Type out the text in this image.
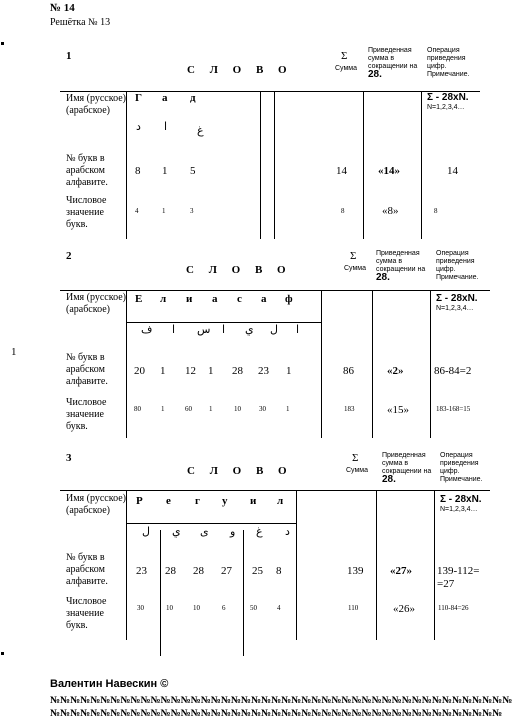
№ 14
Решётка № 13
1
1
С Л О В О
Σ
Сумма
Приведенная сумма в сокращении на 28.
Операция приведения цифр. Примечание.
Имя (русское) (арабское)
Г а д
د ا	غ
Σ - 28хN.
N=1,2,3,4…
№ букв в арабском алфавите.
8 1 5	14	«14»	14
Числовое значение букв.
4	1	3	8	«8»	8
2
С Л О В О
Σ
Сумма
Приведенная сумма в сокращении на 28.
Операция приведения цифр. Примечание.
Имя (русское) (арабское)
Е л и а с а ф
ف ا س ا ي ل ا
Σ - 28хN.
N=1,2,3,4…
№ букв в арабском алфавите.
20 1 12 1 28 23 1	86	«2»	86-84=2
Числовое значение букв.
80	1	60 1	10	30	1	183	«15»	183-168=15
3
С Л О В О
Σ
Сумма
Приведенная сумма в сокращении на 28.
Операция приведения цифр. Примечание.
Имя (русское) (арабское)
Р е г у и л
ل ي ى و غ د
Σ - 28хN.
N=1,2,3,4…
№ букв в арабском алфавите.
23 28 28 27 25 8	139 «27» 139-112=
=27
Числовое значение букв.
30	10	10	6	50	4	110	«26»	110-84=26
Валентин Навескин ©
№№№№№№№№№№№№№№№№№№№№№№№№№№№№№№№№№№№№№№№№№№№№№№
№№№№№№№№№№№№№№№№№№№№№№№№№№№№№№№№№№№№№№№№№№№№№
